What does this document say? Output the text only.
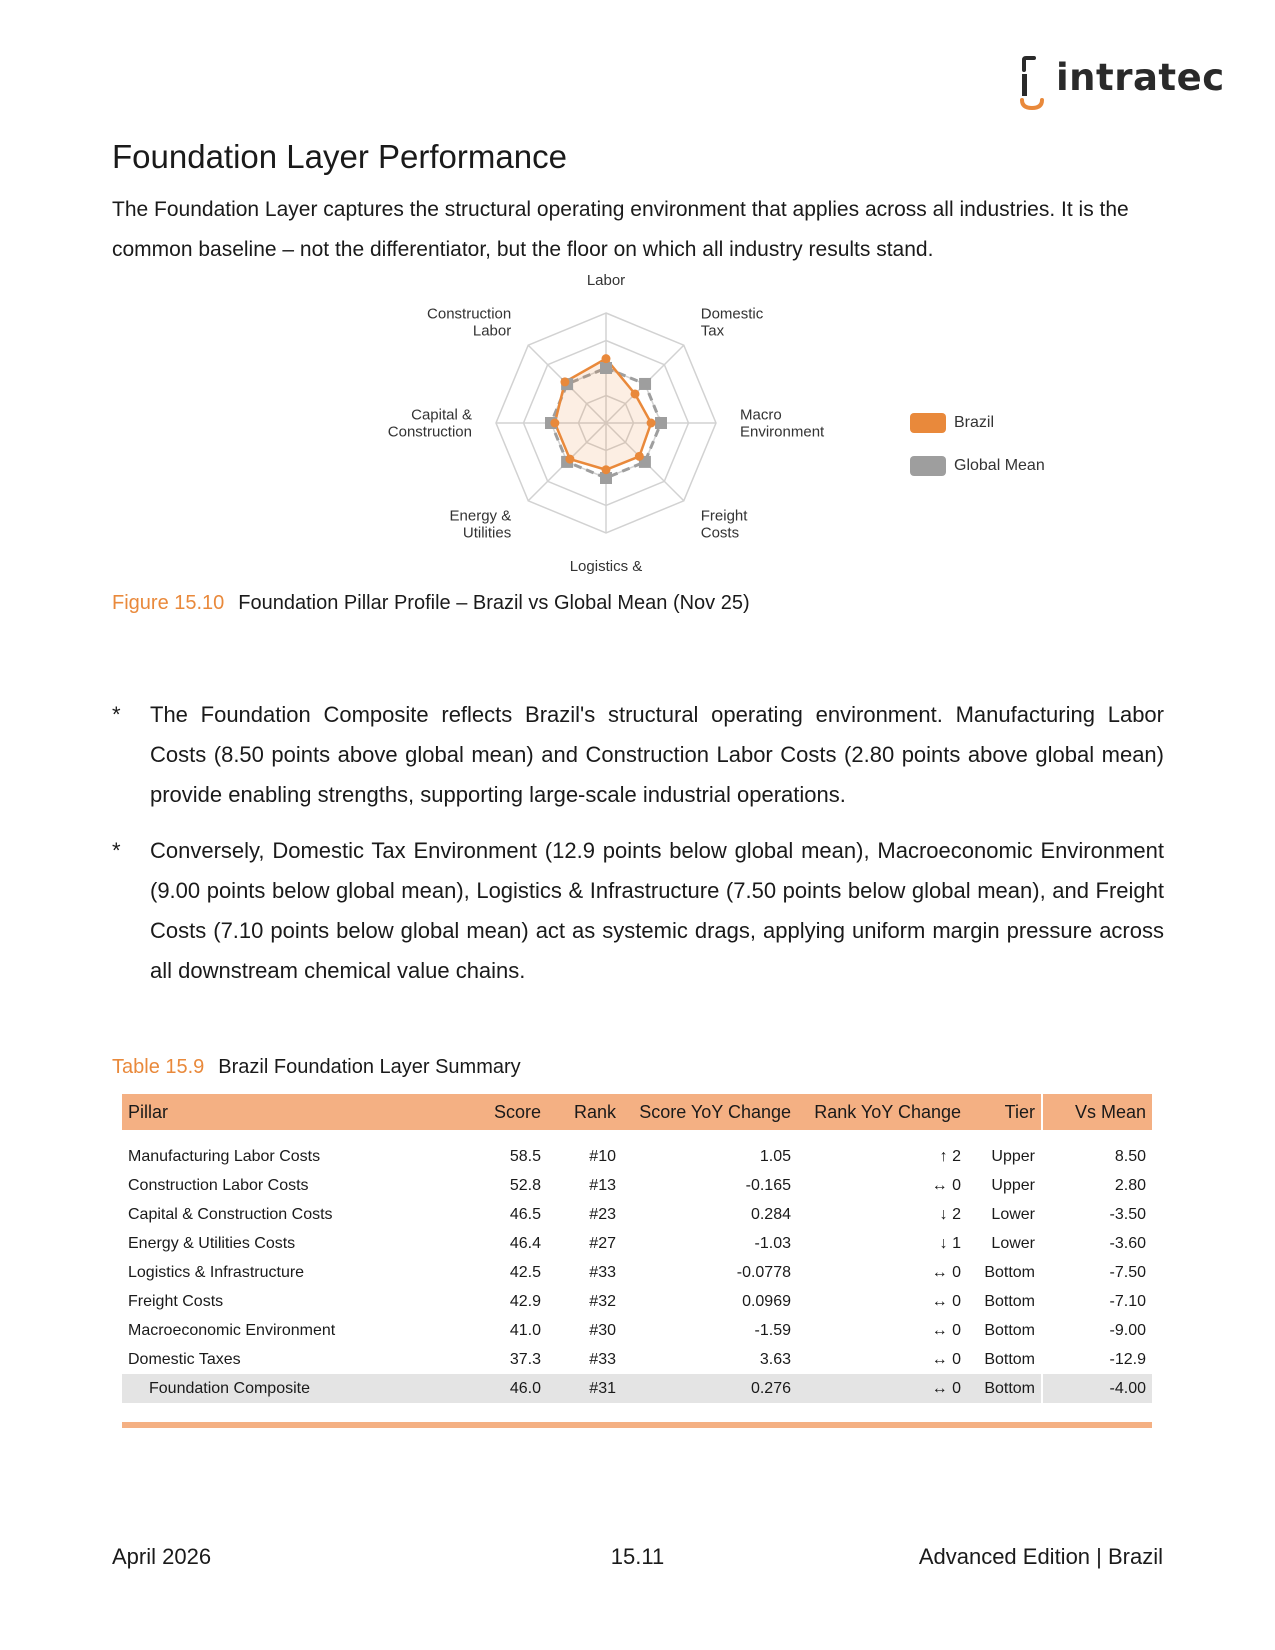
intratec
Foundation Layer Performance

The Foundation Layer captures the structural operating environment that applies across all industries. It is the common baseline – not the differentiator, but the floor on which all industry results stand.

Labor
Domestic Tax
Macro Environment
Freight Costs
Logistics &
Energy & Utilities
Capital & Construction
Construction Labor
Brazil
Global Mean

Figure 15.10 Foundation Pillar Profile – Brazil vs Global Mean (Nov 25)

*	The Foundation Composite reflects Brazil's structural operating environment. Manufacturing Labor Costs (8.50 points above global mean) and Construction Labor Costs (2.80 points above global mean) provide enabling strengths, supporting large-scale industrial operations.
*	Conversely, Domestic Tax Environment (12.9 points below global mean), Macroeconomic Environment (9.00 points below global mean), Logistics & Infrastructure (7.50 points below global mean), and Freight Costs (7.10 points below global mean) act as systemic drags, applying uniform margin pressure across all downstream chemical value chains.

Table 15.9 Brazil Foundation Layer Summary

Pillar	Score	Rank	Score YoY Change	Rank YoY Change	Tier	Vs Mean

Manufacturing Labor Costs	58.5	#10	1.05	↑ 2	Upper	8.50
Construction Labor Costs	52.8	#13	-0.165	↔ 0	Upper	2.80
Capital & Construction Costs	46.5	#23	0.284	↓ 2	Lower	-3.50
Energy & Utilities Costs	46.4	#27	-1.03	↓ 1	Lower	-3.60
Logistics & Infrastructure	42.5	#33	-0.0778	↔ 0	Bottom	-7.50
Freight Costs	42.9	#32	0.0969	↔ 0	Bottom	-7.10
Macroeconomic Environment	41.0	#30	-1.59	↔ 0	Bottom	-9.00
Domestic Taxes	37.3	#33	3.63	↔ 0	Bottom	-12.9
Foundation Composite	46.0	#31	0.276	↔ 0	Bottom	-4.00
April 2026	15.11	Advanced Edition | Brazil
